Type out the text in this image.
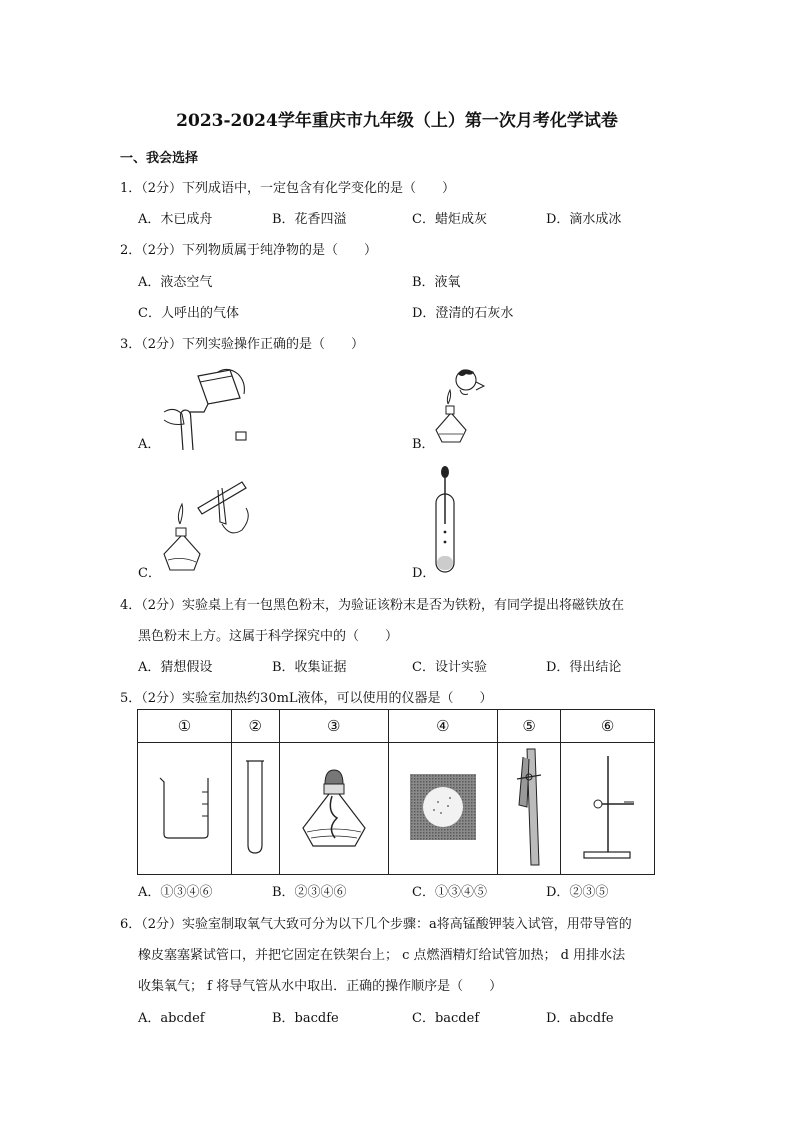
2023-2024学年重庆市九年级（上）第一次月考化学试卷
一、我会选择
1．（2分）下列成语中，一定包含有化学变化的是（　　）
A．木已成舟	B．花香四溢	C．蜡炬成灰	D．滴水成冰
2．（2分）下列物质属于纯净物的是（　　）
A．液态空气	B．液氧
C．人呼出的气体	D．澄清的石灰水
3．（2分）下列实验操作正确的是（　　）
A．	B．
C．	D．
4．（2分）实验桌上有一包黑色粉末，为验证该粉末是否为铁粉，有同学提出将磁铁放在
黑色粉末上方。这属于科学探究中的（　　）
A．猜想假设	B．收集证据	C．设计实验	D．得出结论
5．（2分）实验室加热约30mL液体，可以使用的仪器是（　　）
①	②	③	④	⑤	⑥

A．①③④⑥	B．②③④⑥	C．①③④⑤	D．②③⑤
6．（2分）实验室制取氧气大致可分为以下几个步骤：a将高锰酸钾装入试管，用带导管的
橡皮塞塞紧试管口，并把它固定在铁架台上； c 点燃酒精灯给试管加热； d 用排水法
收集氧气； f 将导气管从水中取出．正确的操作顺序是（　　）
A．abcdef	B．bacdfe	C．bacdef	D．abcdfe
